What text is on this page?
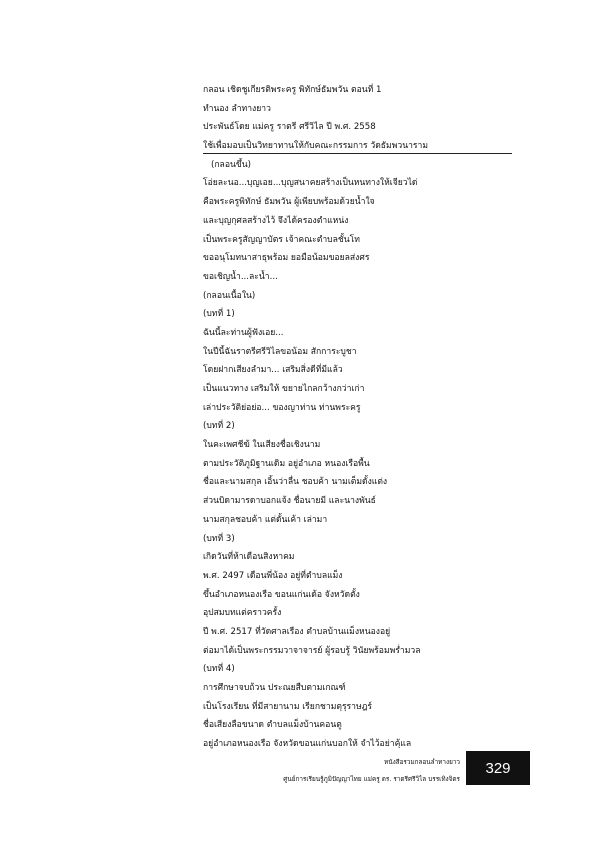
กลอน เชิดชูเกียรติพระครู พิทักษ์ธัมพวัน ตอนที่ 1
ทำนอง ลำทางยาว
ประพันธ์โดย แม่ครู ราตรี ศรีวิไล ปี พ.ศ. 2558
ใช้เพื่อมอบเป็นวิทยาทานให้กับคณะกรรมการ วัดธัมพวนาราม
(กลอนขึ้น)
โอ่ยละนอ...บุญเอย...บุญสนาคยสร้างเป็นหนทางให้เจียวได่
คือพระครูพิทักษ์ ธัมพวัน ผู้เพียบพร้อมด้วยน้ำใจ
และบุญกุศลสร้างไว้ จึงได้ครองตำแหน่ง
เป็นพระครูสัญญาบัตร เจ้าคณะตำบลชั้นโท
ขออนุโมทนาสาธุพร้อม ยอมือน้อมขอยลส่งศร
ขอเชิญน้ำ...ละน้ำ...
(กลอนเนื้อใน)
(บทที่ 1)
ฉันนี้ละท่านผู้ฟังเอย...
ในปีนี้ฉันราตรีศรีวิไลขอน้อม สักการะบูชา
โดยฝากเสียงลำมา... เสริมสิ่งดีที่มีแล้ว
เป็นแนวทาง เสริมให้ ขยายไกลกว้างกว่าเก่า
เล่าประวัติย่อย่อ... ของญาท่าน ท่านพระครู
(บทที่ 2)
ในคะเพศชีฆ้ ในเสียงชื่อเชิงนาม
ตามประวัติภูมิฐานเดิม อยู่อำเภอ หนองเรือพื้น
ชื่อและนามสกุล เอิ้นว่าลื่น ชอบค้า นามเต็มดั้งแต่ง
ส่วนบิดามารดาบอกแจ้ง ชื่อนายมี และนางพันธ์
นามสกุลชอบค้า แต่ดั้นเค้า เล่ามา
(บทที่ 3)
เกิดวันที่ห้าเดือนสิงหาคม
พ.ศ. 2497 เดือนพี่น้อง อยู่ที่ตำบลแม็ง
ขึ้นอำเภอหนองเรือ ขอนแก่นเด้อ จังหวัดตั้ง
อุปสมบทแต่คราวครั้ง
ปี พ.ศ. 2517 ที่วัดศาลเรือง ตำบลบ้านแม็งหนองอยู่
ต่อมาได้เป็นพระกรรมวาจาจารย์ ผู้รอบรู้ วินัยพร้อมพร่ำมวล
(บทที่ 4)
การศึกษาจบถ้วน ประณยสืบตามเกณฑ์
เป็นโรงเรียน ที่มีสายานาม เรียกชามตุรุราษฎร์
ชื่อเสียงลือขนาด ตำบลแม็งบ้านคอนตู
อยู่อำเภอหนองเรือ จังหวัดขอนแก่นบอกให้ จำไว้อย่าคุ้แล
หนังสือรวมกลอนลำทางยาว
ศูนย์การเรียนรู้ภูมิปัญญาไทย แม่ครู ดร. ราตรีศรีวิไล บรรเทิงจิตร
329
